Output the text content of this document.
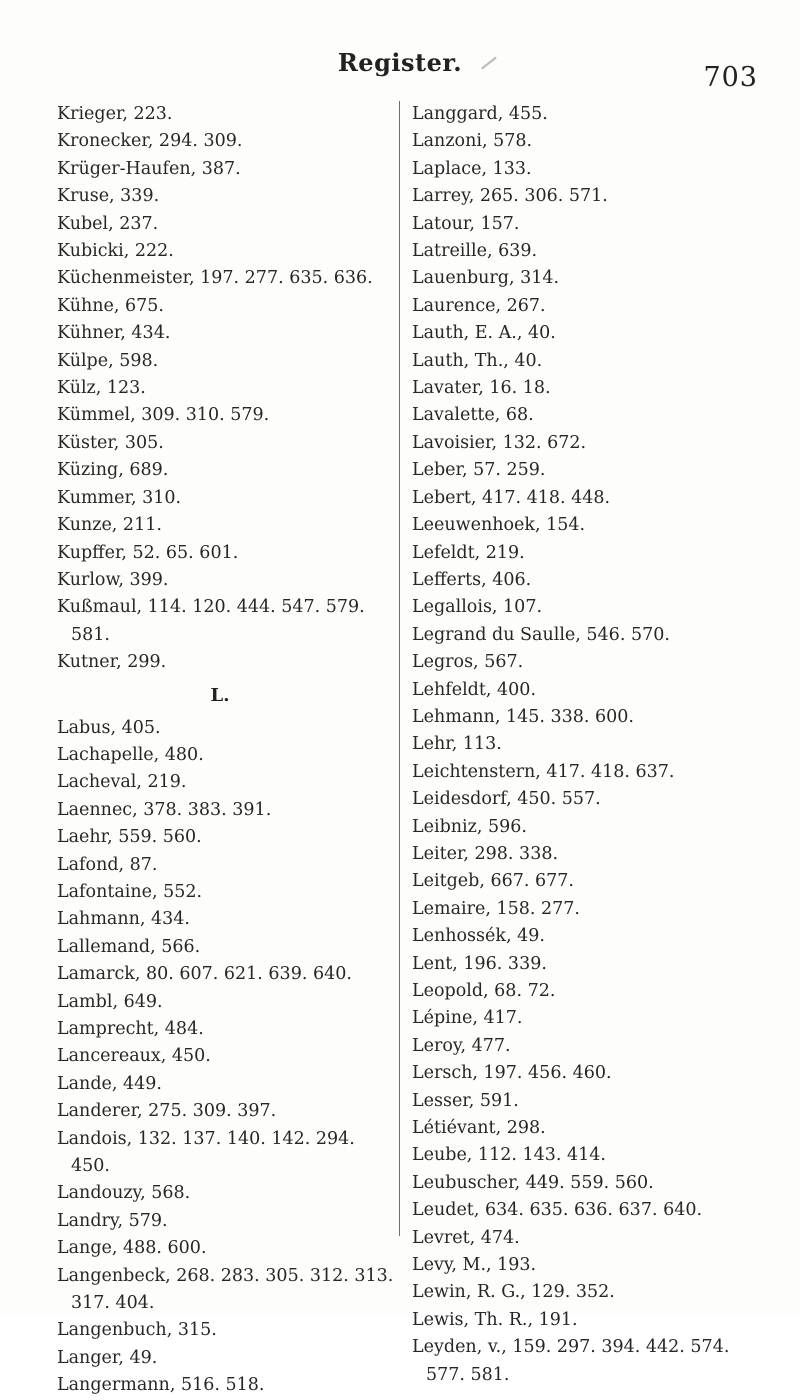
Register.	703
Krieger, 223.
Kronecker, 294. 309.
Krüger-Haufen, 387.
Kruse, 339.
Kubel, 237.
Kubicki, 222.
Küchenmeister, 197. 277. 635. 636.
Kühne, 675.
Kühner, 434.
Külpe, 598.
Külz, 123.
Kümmel, 309. 310. 579.
Küster, 305.
Küzing, 689.
Kummer, 310.
Kunze, 211.
Kupffer, 52. 65. 601.
Kurlow, 399.
Kußmaul, 114. 120. 444. 547. 579. 581.
Kutner, 299.
L.
Labus, 405.
Lachapelle, 480.
Lacheval, 219.
Laennec, 378. 383. 391.
Laehr, 559. 560.
Lafond, 87.
Lafontaine, 552.
Lahmann, 434.
Lallemand, 566.
Lamarck, 80. 607. 621. 639. 640.
Lambl, 649.
Lamprecht, 484.
Lancereaux, 450.
Lande, 449.
Landerer, 275. 309. 397.
Landois, 132. 137. 140. 142. 294. 450.
Landouzy, 568.
Landry, 579.
Lange, 488. 600.
Langenbeck, 268. 283. 305. 312. 313. 317. 404.
Langenbuch, 315.
Langer, 49.
Langermann, 516. 518.
Langgard, 455.
Lanzoni, 578.
Laplace, 133.
Larrey, 265. 306. 571.
Latour, 157.
Latreille, 639.
Lauenburg, 314.
Laurence, 267.
Lauth, E. A., 40.
Lauth, Th., 40.
Lavater, 16. 18.
Lavalette, 68.
Lavoisier, 132. 672.
Leber, 57. 259.
Lebert, 417. 418. 448.
Leeuwenhoek, 154.
Lefeldt, 219.
Lefferts, 406.
Legallois, 107.
Legrand du Saulle, 546. 570.
Legros, 567.
Lehfeldt, 400.
Lehmann, 145. 338. 600.
Lehr, 113.
Leichtenstern, 417. 418. 637.
Leidesdorf, 450. 557.
Leibniz, 596.
Leiter, 298. 338.
Leitgeb, 667. 677.
Lemaire, 158. 277.
Lenhossék, 49.
Lent, 196. 339.
Leopold, 68. 72.
Lépine, 417.
Leroy, 477.
Lersch, 197. 456. 460.
Lesser, 591.
Létiévant, 298.
Leube, 112. 143. 414.
Leubuscher, 449. 559. 560.
Leudet, 634. 635. 636. 637. 640.
Levret, 474.
Levy, M., 193.
Lewin, R. G., 129. 352.
Lewis, Th. R., 191.
Leyden, v., 159. 297. 394. 442. 574. 577. 581.
